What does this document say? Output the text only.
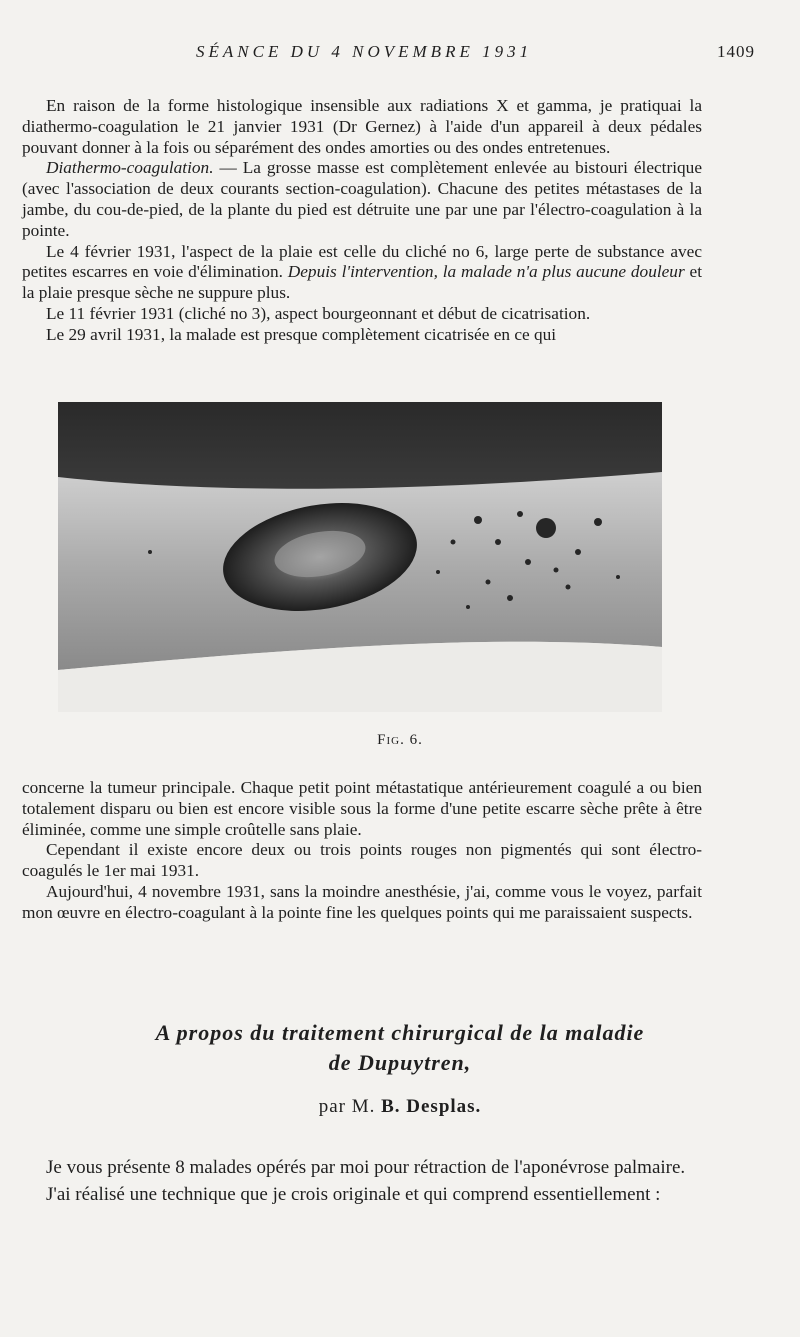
SÉANCE DU 4 NOVEMBRE 1931	1409

En raison de la forme histologique insensible aux radiations X et gamma, je pratiquai la diathermo-coagulation le 21 janvier 1931 (Dr Gernez) à l'aide d'un appareil à deux pédales pouvant donner à la fois ou séparément des ondes amorties ou des ondes entretenues.

Diathermo-coagulation. — La grosse masse est complètement enlevée au bistouri électrique (avec l'association de deux courants section-coagulation). Chacune des petites métastases de la jambe, du cou-de-pied, de la plante du pied est détruite une par une par l'électro-coagulation à la pointe.

Le 4 février 1931, l'aspect de la plaie est celle du cliché no 6, large perte de substance avec petites escarres en voie d'élimination. Depuis l'intervention, la malade n'a plus aucune douleur et la plaie presque sèche ne suppure plus.

Le 11 février 1931 (cliché no 3), aspect bourgeonnant et début de cicatrisation.

Le 29 avril 1931, la malade est presque complètement cicatrisée en ce qui

Fig. 6.

concerne la tumeur principale. Chaque petit point métastatique antérieurement coagulé a ou bien totalement disparu ou bien est encore visible sous la forme d'une petite escarre sèche prête à être éliminée, comme une simple croûtelle sans plaie.

Cependant il existe encore deux ou trois points rouges non pigmentés qui sont électro-coagulés le 1er mai 1931.

Aujourd'hui, 4 novembre 1931, sans la moindre anesthésie, j'ai, comme vous le voyez, parfait mon œuvre en électro-coagulant à la pointe fine les quelques points qui me paraissaient suspects.

A propos du traitement chirurgical de la maladie
de Dupuytren,
par M. B. Desplas.

Je vous présente 8 malades opérés par moi pour rétraction de l'aponévrose palmaire.

J'ai réalisé une technique que je crois originale et qui comprend essentiellement :
